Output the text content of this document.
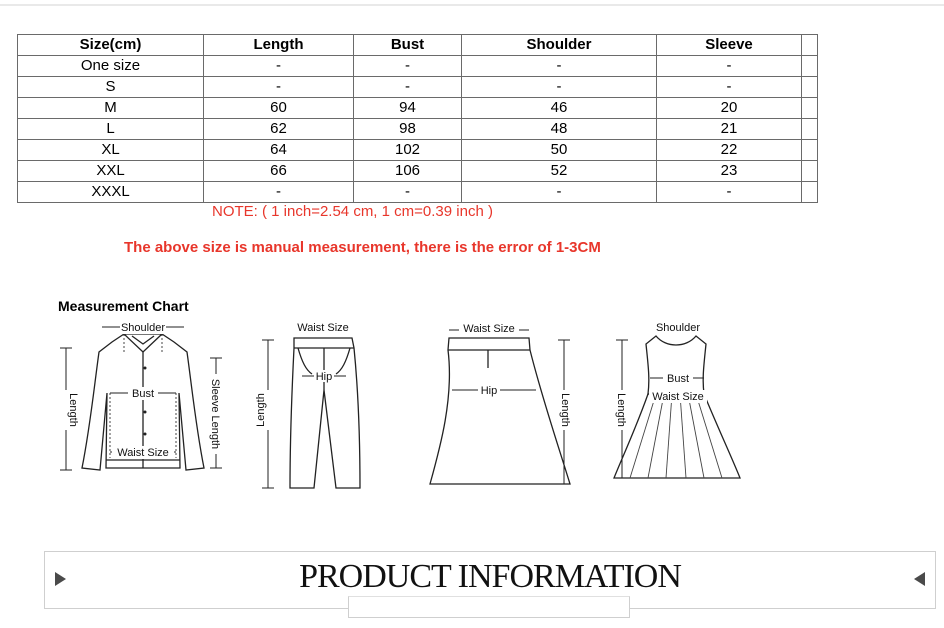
Size(cm)	Length	Bust	Shoulder	Sleeve	
One size	-	-	-	-	
S	-	-	-	-	
M	60	94	46	20	
L	62	98	48	21	
XL	64	102	50	22	
XXL	66	106	52	23	
XXXL	-	-	-	-	
NOTE: ( 1 inch=2.54 cm, 1 cm=0.39 inch )
The above size is manual measurement, there is the error of 1-3CM
Measurement Chart
Shoulder
Bust
Waist Size
Length	Sleeve Length
Waist Size
Hip
Length
Waist Size
Hip
Length
Shoulder
Bust
Waist Size
Length
PRODUCT INFORMATION
